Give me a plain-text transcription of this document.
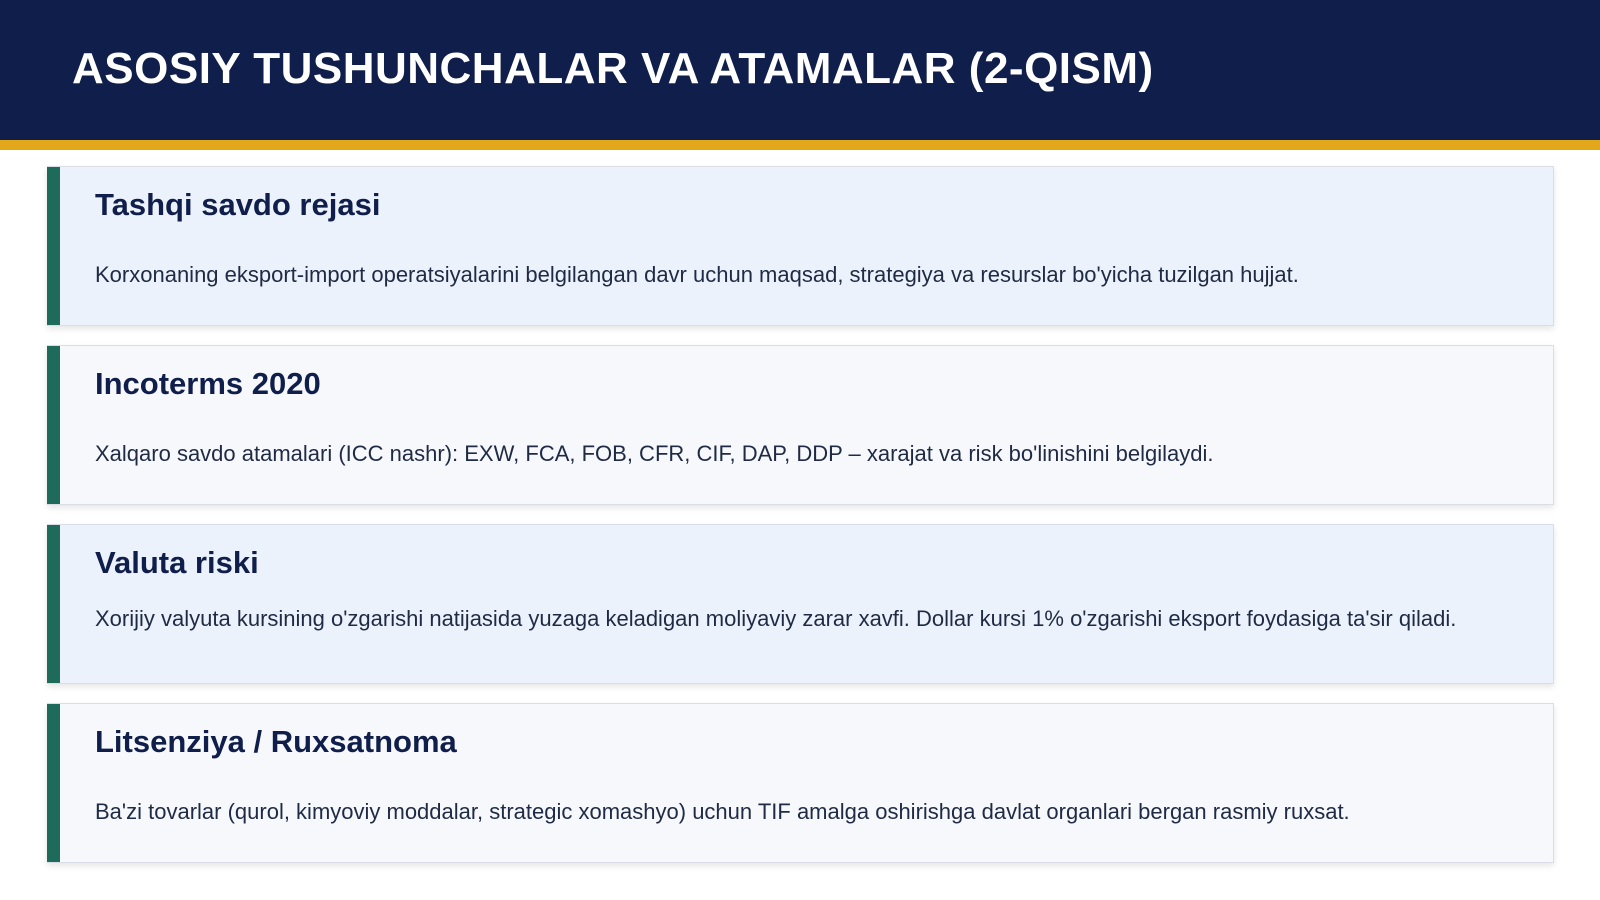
ASOSIY TUSHUNCHALAR VA ATAMALAR (2-QISM)
Tashqi savdo rejasi
Korxonaning eksport-import operatsiyalarini belgilangan davr uchun maqsad, strategiya va resurslar bo'yicha tuzilgan hujjat.
Incoterms 2020
Xalqaro savdo atamalari (ICC nashr): EXW, FCA, FOB, CFR, CIF, DAP, DDP – xarajat va risk bo'linishini belgilaydi.
Valuta riski
Xorijiy valyuta kursining o'zgarishi natijasida yuzaga keladigan moliyaviy zarar xavfi. Dollar kursi 1% o'zgarishi eksport foydasiga ta'sir qiladi.
Litsenziya / Ruxsatnoma
Ba'zi tovarlar (qurol, kimyoviy moddalar, strategic xomashyo) uchun TIF amalga oshirishga davlat organlari bergan rasmiy ruxsat.
